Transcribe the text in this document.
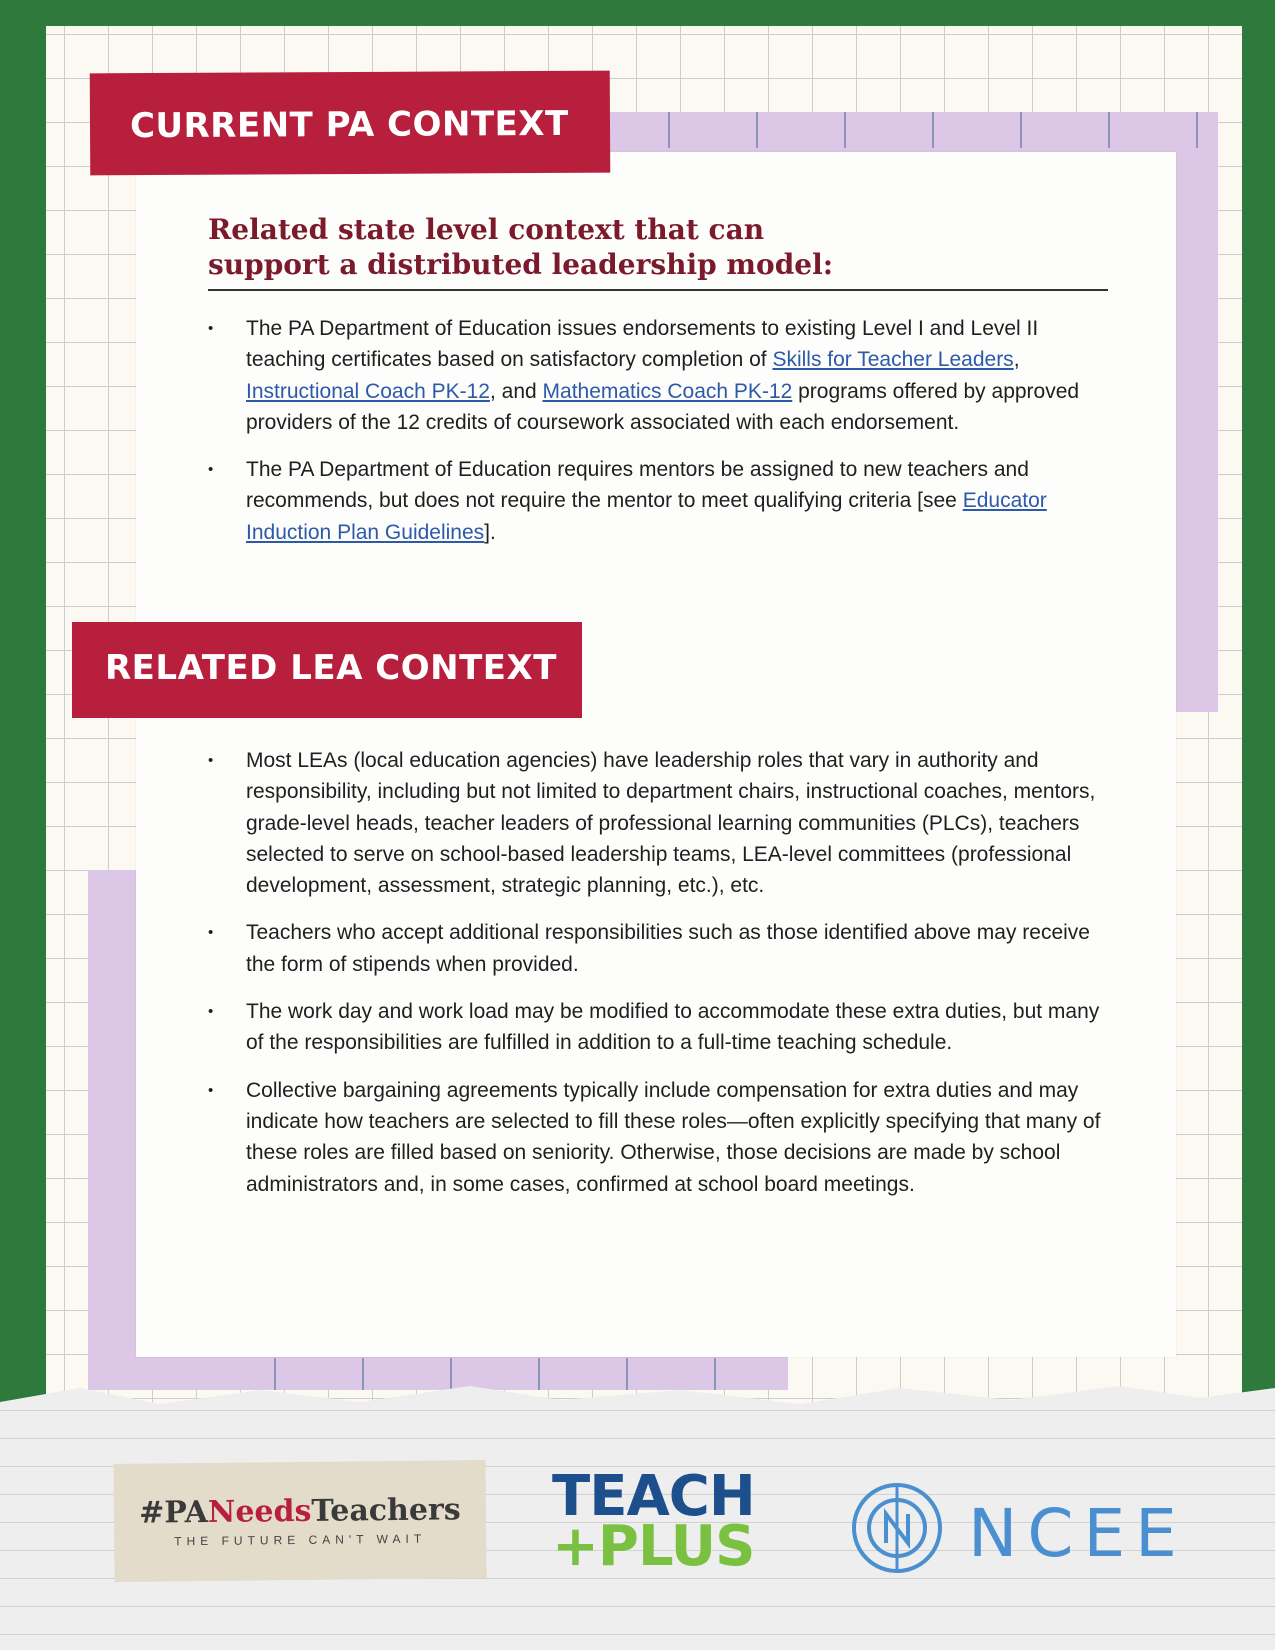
CURRENT PA CONTEXT
Related state level context that can
support a distributed leadership model:
• The PA Department of Education issues endorsements to existing Level I and Level II teaching certificates based on satisfactory completion of Skills for Teacher Leaders, Instructional Coach PK-12, and Mathematics Coach PK-12 programs offered by approved providers of the 12 credits of coursework associated with each endorsement.
• The PA Department of Education requires mentors be assigned to new teachers and recommends, but does not require the mentor to meet qualifying criteria [see Educator Induction Plan Guidelines].
RELATED LEA CONTEXT
• Most LEAs (local education agencies) have leadership roles that vary in authority and responsibility, including but not limited to department chairs, instructional coaches, mentors, grade-level heads, teacher leaders of professional learning communities (PLCs), teachers selected to serve on school-based leadership teams, LEA-level committees (professional development, assessment, strategic planning, etc.), etc.
• Teachers who accept additional responsibilities such as those identified above may receive the form of stipends when provided.
• The work day and work load may be modified to accommodate these extra duties, but many of the responsibilities are fulfilled in addition to a full-time teaching schedule.
• Collective bargaining agreements typically include compensation for extra duties and may indicate how teachers are selected to fill these roles—often explicitly specifying that many of these roles are filled based on seniority. Otherwise, those decisions are made by school administrators and, in some cases, confirmed at school board meetings.
#PANeedsTeachers
THE FUTURE CAN'T WAIT
TEACH
+PLUS	NCEE
